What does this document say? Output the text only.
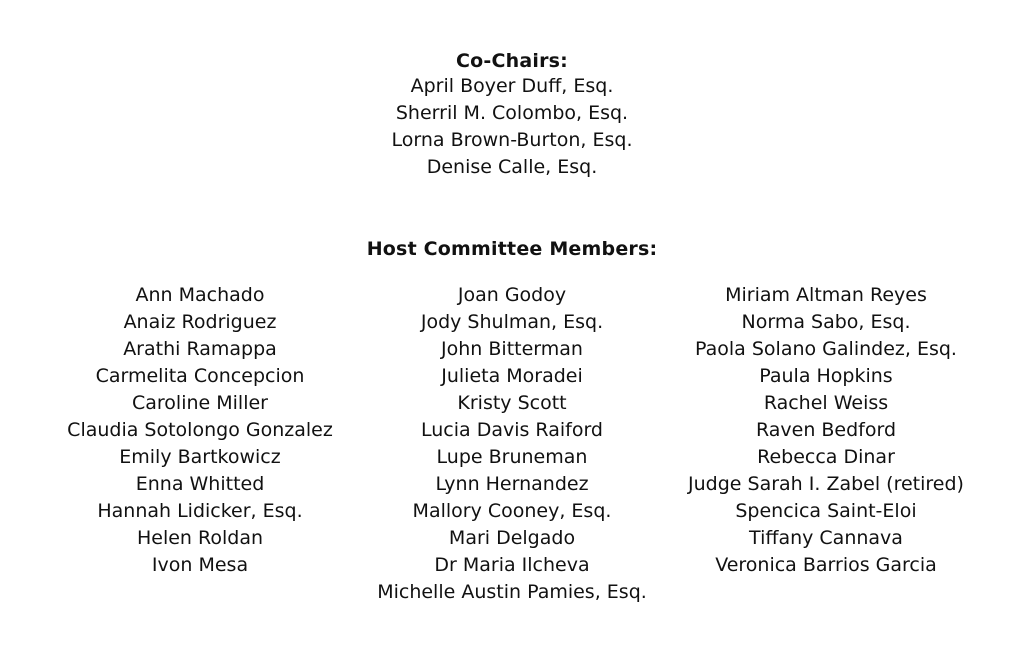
Co-Chairs:
April Boyer Duff, Esq.
Sherril M. Colombo, Esq.
Lorna Brown-Burton, Esq.
Denise Calle, Esq.
Host Committee Members:
Ann Machado
Anaiz Rodriguez
Arathi Ramappa
Carmelita Concepcion
Caroline Miller
Claudia Sotolongo Gonzalez
Emily Bartkowicz
Enna Whitted
Hannah Lidicker, Esq.
Helen Roldan
Ivon Mesa
Joan Godoy
Jody Shulman, Esq.
John Bitterman
Julieta Moradei
Kristy Scott
Lucia Davis Raiford
Lupe Bruneman
Lynn Hernandez
Mallory Cooney, Esq.
Mari Delgado
Dr Maria Ilcheva
Michelle Austin Pamies, Esq.
Miriam Altman Reyes
Norma Sabo, Esq.
Paola Solano Galindez, Esq.
Paula Hopkins
Rachel Weiss
Raven Bedford
Rebecca Dinar
Judge Sarah I. Zabel (retired)
Spencica Saint-Eloi
Tiffany Cannava
Veronica Barrios Garcia
